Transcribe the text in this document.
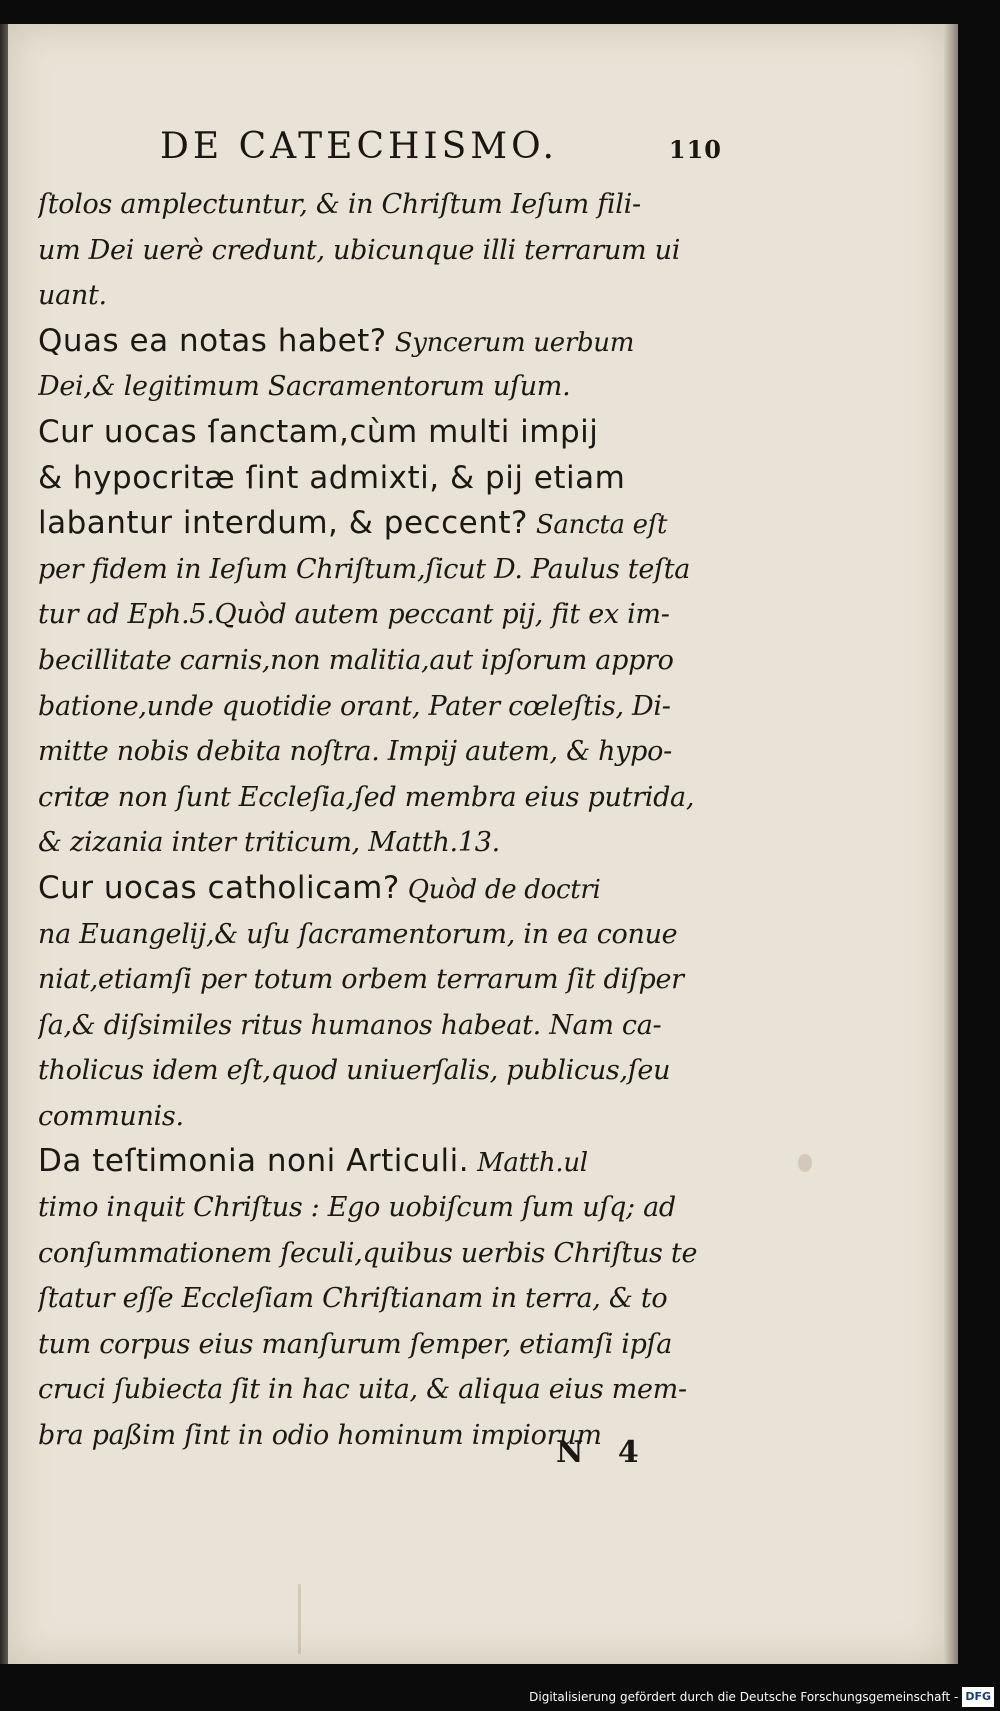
DE CATECHISMO.	110
ſtolos amplectuntur, & in Chriſtum Ieſum fili-
um Dei uerè credunt, ubicunque illi terrarum ui
uant.
Quas ea notas habet? Syncerum uerbum
Dei,& legitimum Sacramentorum uſum.
Cur uocas ſanctam,cùm multi impij
& hypocritæ ſint admixti, & pij etiam
labantur interdum, & peccent? Sancta eſt
per fidem in Ieſum Chriſtum,ſicut D. Paulus teſta
tur ad Eph.5.Quòd autem peccant pij, fit ex im-
becillitate carnis,non malitia,aut ipſorum appro
batione,unde quotidie orant, Pater cœleſtis, Di-
mitte nobis debita noſtra. Impij autem, & hypo-
critæ non ſunt Eccleſia,ſed membra eius putrida,
& zizania inter triticum, Matth.13.
Cur uocas catholicam? Quòd de doctri
na Euangelij,& uſu ſacramentorum, in ea conue
niat,etiamſi per totum orbem terrarum ſit diſper
ſa,& diſsimiles ritus humanos habeat. Nam ca-
tholicus idem eſt,quod uniuerſalis, publicus,ſeu
communis.
Da teſtimonia noni Articuli. Matth.ul
timo inquit Chriſtus : Ego uobiſcum ſum uſq; ad
conſummationem ſeculi,quibus uerbis Chriſtus te
ſtatur eſſe Eccleſiam Chriſtianam in terra, & to
tum corpus eius manſurum ſemper, etiamſi ipſa
cruci ſubiecta ſit in hac uita, & aliqua eius mem-
bra paßim ſint in odio hominum impiorum
N 4
Digitalisierung gefördert durch die Deutsche Forschungsgemeinschaft - DFG
